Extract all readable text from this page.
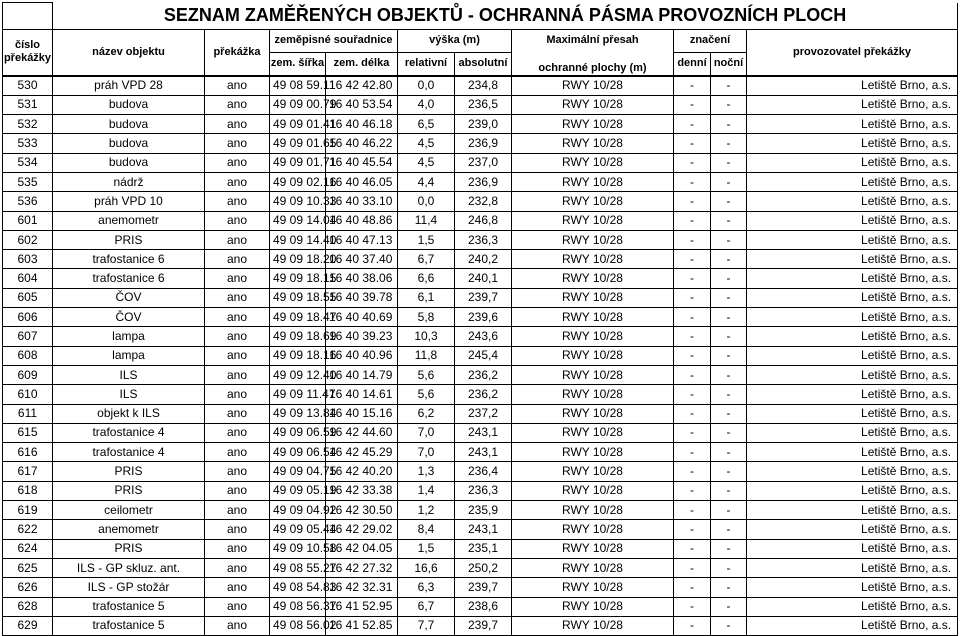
	SEZNAM ZAMĚŘENÝCH OBJEKTŮ - OCHRANNÁ PÁSMA PROVOZNÍCH PLOCH									
číslo překážky	název objektu	překážka	zeměpisné souřadnice		výška (m)		Maximální přesah	značení		provozovatel překážky
			zem. šířka	zem. délka	relativní	absolutní	ochranné plochy (m)	denní	noční	
530	práh VPD 28	ano	49 08 59.11	16 42 42.80	0,0	234,8	RWY 10/28	-	-	Letiště Brno, a.s.
531	budova	ano	49 09 00.79	16 40 53.54	4,0	236,5	RWY 10/28	-	-	Letiště Brno, a.s.
532	budova	ano	49 09 01.41	16 40 46.18	6,5	239,0	RWY 10/28	-	-	Letiště Brno, a.s.
533	budova	ano	49 09 01.65	16 40 46.22	4,5	236,9	RWY 10/28	-	-	Letiště Brno, a.s.
534	budova	ano	49 09 01.71	16 40 45.54	4,5	237,0	RWY 10/28	-	-	Letiště Brno, a.s.
535	nádrž	ano	49 09 02.16	16 40 46.05	4,4	236,9	RWY 10/28	-	-	Letiště Brno, a.s.
536	práh VPD 10	ano	49 09 10.33	16 40 33.10	0,0	232,8	RWY 10/28	-	-	Letiště Brno, a.s.
601	anemometr	ano	49 09 14.04	16 40 48.86	11,4	246,8	RWY 10/28	-	-	Letiště Brno, a.s.
602	PRIS	ano	49 09 14.40	16 40 47.13	1,5	236,3	RWY 10/28	-	-	Letiště Brno, a.s.
603	trafostanice 6	ano	49 09 18.20	16 40 37.40	6,7	240,2	RWY 10/28	-	-	Letiště Brno, a.s.
604	trafostanice 6	ano	49 09 18.15	16 40 38.06	6,6	240,1	RWY 10/28	-	-	Letiště Brno, a.s.
605	ČOV	ano	49 09 18.55	16 40 39.78	6,1	239,7	RWY 10/28	-	-	Letiště Brno, a.s.
606	ČOV	ano	49 09 18.47	16 40 40.69	5,8	239,6	RWY 10/28	-	-	Letiště Brno, a.s.
607	lampa	ano	49 09 18.69	16 40 39.23	10,3	243,6	RWY 10/28	-	-	Letiště Brno, a.s.
608	lampa	ano	49 09 18.16	16 40 40.96	11,8	245,4	RWY 10/28	-	-	Letiště Brno, a.s.
609	ILS	ano	49 09 12.40	16 40 14.79	5,6	236,2	RWY 10/28	-	-	Letiště Brno, a.s.
610	ILS	ano	49 09 11.47	16 40 14.61	5,6	236,2	RWY 10/28	-	-	Letiště Brno, a.s.
611	objekt k ILS	ano	49 09 13.84	16 40 15.16	6,2	237,2	RWY 10/28	-	-	Letiště Brno, a.s.
615	trafostanice 4	ano	49 09 06.59	16 42 44.60	7,0	243,1	RWY 10/28	-	-	Letiště Brno, a.s.
616	trafostanice 4	ano	49 09 06.54	16 42 45.29	7,0	243,1	RWY 10/28	-	-	Letiště Brno, a.s.
617	PRIS	ano	49 09 04.75	16 42 40.20	1,3	236,4	RWY 10/28	-	-	Letiště Brno, a.s.
618	PRIS	ano	49 09 05.19	16 42 33.38	1,4	236,3	RWY 10/28	-	-	Letiště Brno, a.s.
619	ceilometr	ano	49 09 04.92	16 42 30.50	1,2	235,9	RWY 10/28	-	-	Letiště Brno, a.s.
622	anemometr	ano	49 09 05.44	16 42 29.02	8,4	243,1	RWY 10/28	-	-	Letiště Brno, a.s.
624	PRIS	ano	49 09 10.58	16 42 04.05	1,5	235,1	RWY 10/28	-	-	Letiště Brno, a.s.
625	ILS - GP skluz. ant.	ano	49 08 55.27	16 42 27.32	16,6	250,2	RWY 10/28	-	-	Letiště Brno, a.s.
626	ILS - GP stožár	ano	49 08 54.83	16 42 32.31	6,3	239,7	RWY 10/28	-	-	Letiště Brno, a.s.
628	trafostanice 5	ano	49 08 56.37	16 41 52.95	6,7	238,6	RWY 10/28	-	-	Letiště Brno, a.s.
629	trafostanice 5	ano	49 08 56.02	16 41 52.85	7,7	239,7	RWY 10/28	-	-	Letiště Brno, a.s.
